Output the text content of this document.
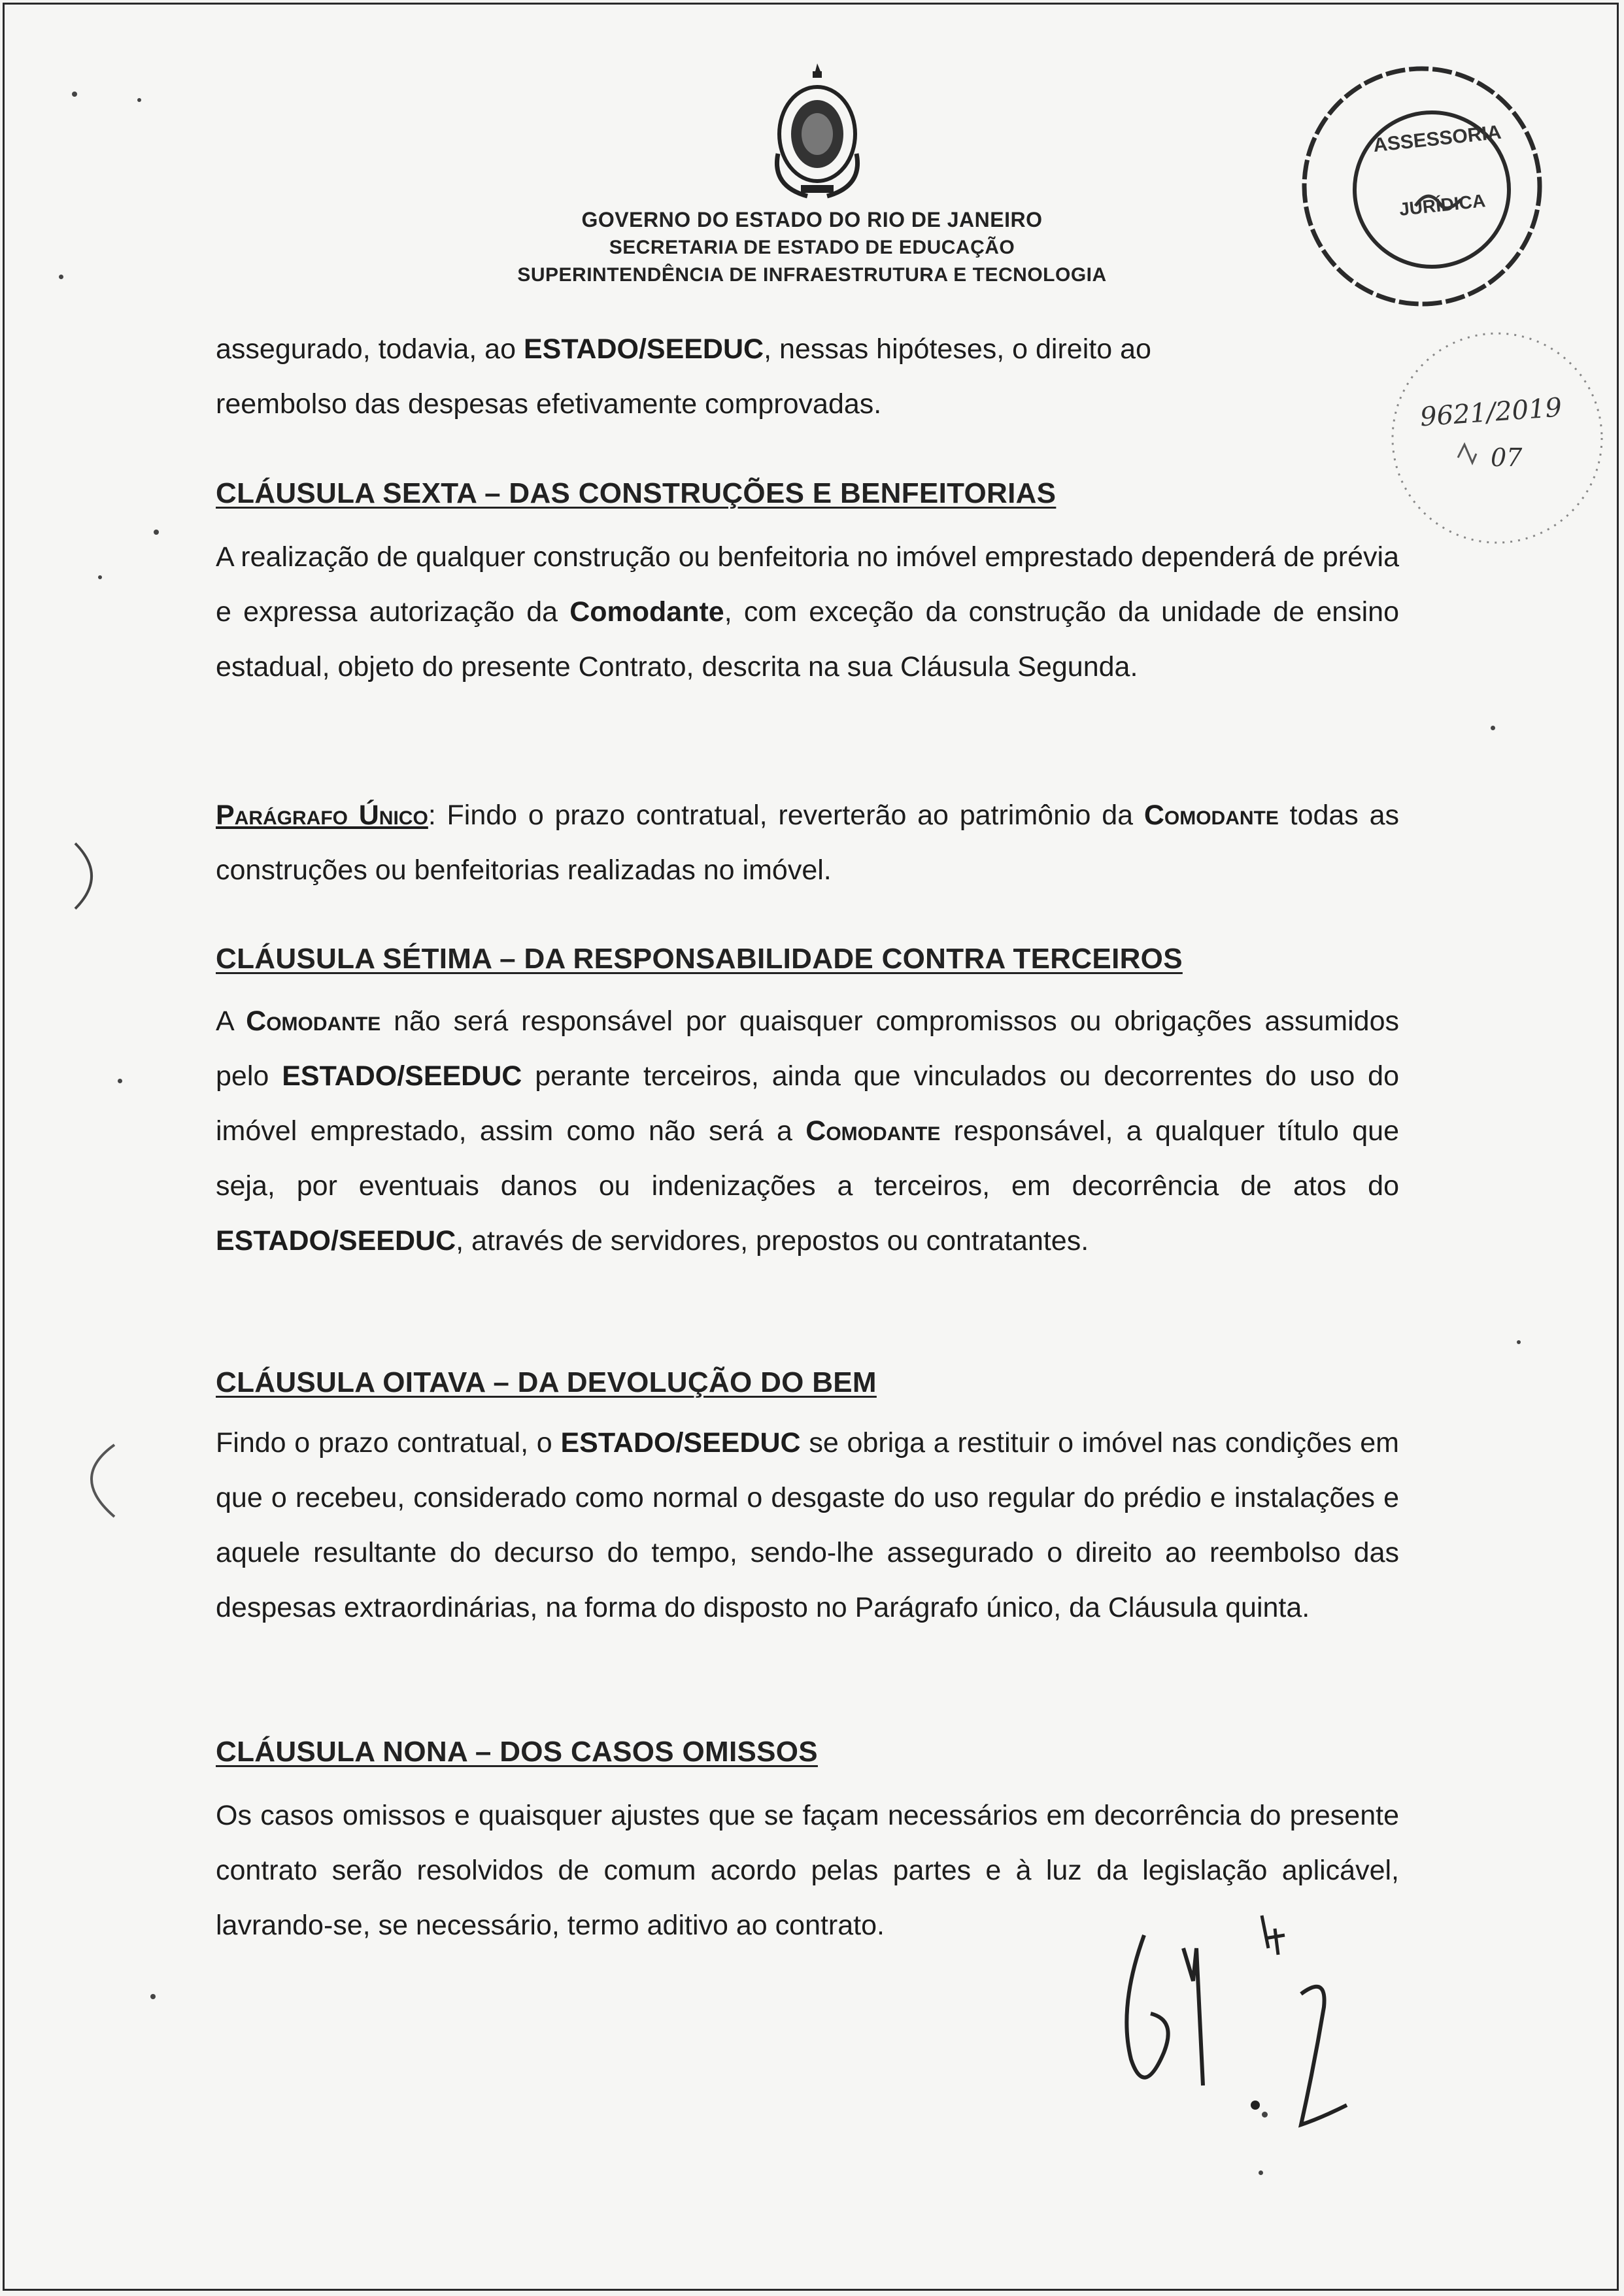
GOVERNO DO ESTADO DO RIO DE JANEIRO
SECRETARIA DE ESTADO DE EDUCAÇÃO
SUPERINTENDÊNCIA DE INFRAESTRUTURA E TECNOLOGIA
ASSESSORIA
JURÍDICA
9621/2019
07

assegurado, todavia, ao ESTADO/SEEDUC, nessas hipóteses, o direito ao
reembolso das despesas efetivamente comprovadas.

CLÁUSULA SEXTA – DAS CONSTRUÇÕES E BENFEITORIAS

A realização de qualquer construção ou benfeitoria no imóvel emprestado dependerá de prévia e expressa autorização da Comodante, com exceção da construção da unidade de ensino estadual, objeto do presente Contrato, descrita na sua Cláusula Segunda.

Parágrafo Único: Findo o prazo contratual, reverterão ao patrimônio da Comodante todas as construções ou benfeitorias realizadas no imóvel.

CLÁUSULA SÉTIMA – DA RESPONSABILIDADE CONTRA TERCEIROS

A Comodante não será responsável por quaisquer compromissos ou obrigações assumidos pelo ESTADO/SEEDUC perante terceiros, ainda que vinculados ou decorrentes do uso do imóvel emprestado, assim como não será a Comodante responsável, a qualquer título que seja, por eventuais danos ou indenizações a terceiros, em decorrência de atos do ESTADO/SEEDUC, através de servidores, prepostos ou contratantes.

CLÁUSULA OITAVA – DA DEVOLUÇÃO DO BEM

Findo o prazo contratual, o ESTADO/SEEDUC se obriga a restituir o imóvel nas condições em que o recebeu, considerado como normal o desgaste do uso regular do prédio e instalações e aquele resultante do decurso do tempo, sendo-lhe assegurado o direito ao reembolso das despesas extraordinárias, na forma do disposto no Parágrafo único, da Cláusula quinta.

CLÁUSULA NONA – DOS CASOS OMISSOS

Os casos omissos e quaisquer ajustes que se façam necessários em decorrência do presente contrato serão resolvidos de comum acordo pelas partes e à luz da legislação aplicável, lavrando-se, se necessário, termo aditivo ao contrato.
